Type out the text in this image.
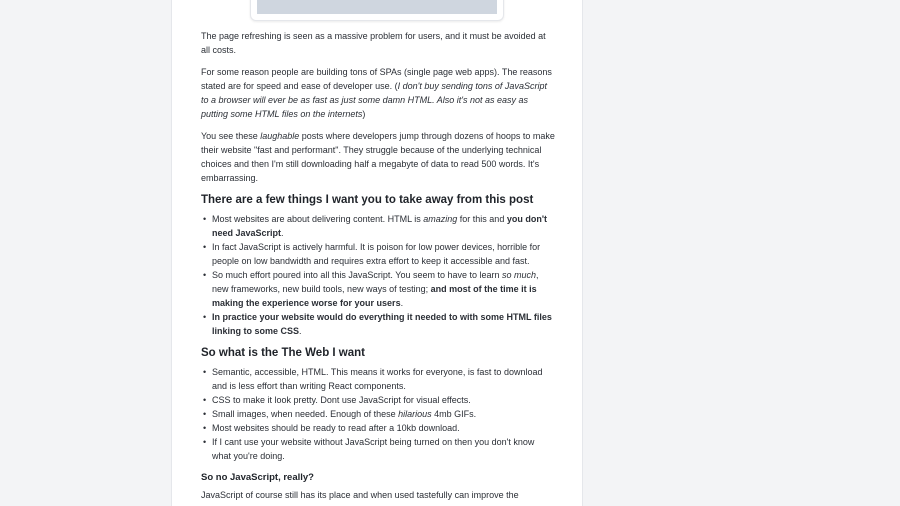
The page refreshing is seen as a massive problem for users, and it must be avoided at all costs.

For some reason people are building tons of SPAs (single page web apps). The reasons stated are for speed and ease of developer use. (I don't buy sending tons of JavaScript to a browser will ever be as fast as just some damn HTML. Also it's not as easy as putting some HTML files on the internets)

You see these laughable posts where developers jump through dozens of hoops to make their website "fast and performant". They struggle because of the underlying technical choices and then I'm still downloading half a megabyte of data to read 500 words. It's embarrassing.

There are a few things I want you to take away from this post
• Most websites are about delivering content. HTML is amazing for this and you don't need JavaScript.
• In fact JavaScript is actively harmful. It is poison for low power devices, horrible for people on low bandwidth and requires extra effort to keep it accessible and fast.
• So much effort poured into all this JavaScript. You seem to have to learn so much, new frameworks, new build tools, new ways of testing; and most of the time it is making the experience worse for your users.
• In practice your website would do everything it needed to with some HTML files linking to some CSS.
So what is the The Web I want
• Semantic, accessible, HTML. This means it works for everyone, is fast to download and is less effort than writing React components.
• CSS to make it look pretty. Dont use JavaScript for visual effects.
• Small images, when needed. Enough of these hilarious 4mb GIFs.
• Most websites should be ready to read after a 10kb download.
• If I cant use your website without JavaScript being turned on then you don't know what you're doing.
So no JavaScript, really?

JavaScript of course still has its place and when used tastefully can improve the
